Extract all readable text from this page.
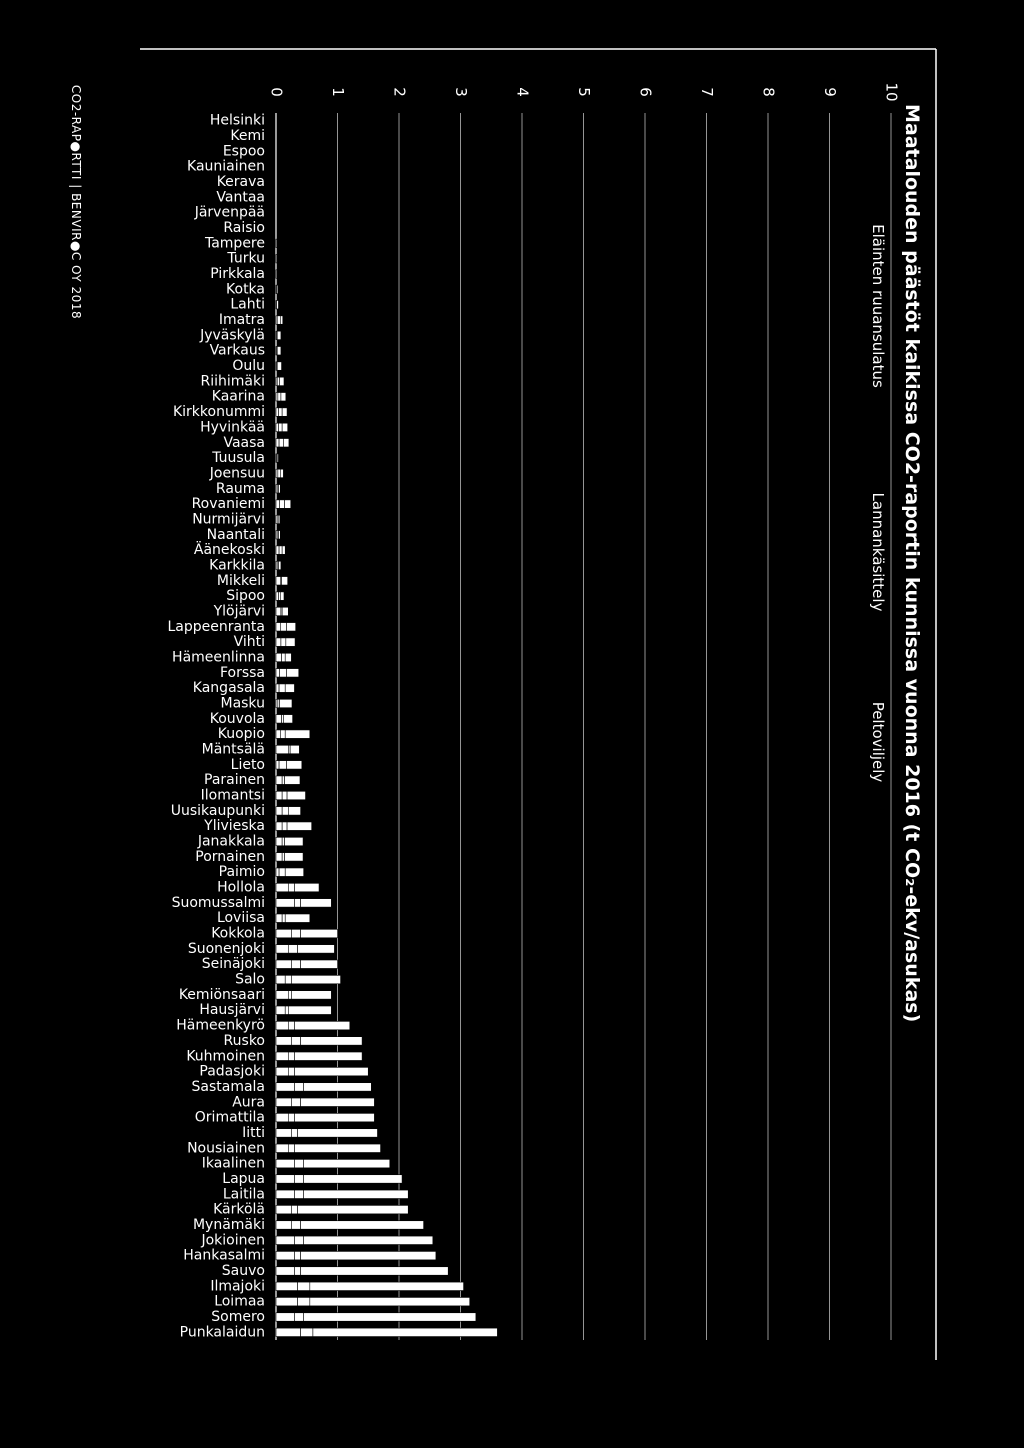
CO2-RAP●RTTI | BENVIR●C OY 2018	Maatalouden päästöt kaikissa CO2-raportin kunnissa vuonna 2016 (t CO₂-ekv/asukas)
Eläinten ruuansulatus
Lannankäsittely
Peltoviljely
0	1	2	3	4	5	6	7	8	9	10
Helsinki
Kemi
Espoo
Kauniainen
Kerava
Vantaa
Järvenpää
Raisio
Tampere
Turku
Pirkkala
Kotka
Lahti
Imatra
Jyväskylä
Varkaus
Oulu
Riihimäki
Kaarina
Kirkkonummi
Hyvinkää
Vaasa
Tuusula
Joensuu
Rauma
Rovaniemi
Nurmijärvi
Naantali
Äänekoski
Karkkila
Mikkeli
Sipoo
Ylöjärvi
Lappeenranta
Vihti
Hämeenlinna
Forssa
Kangasala
Masku
Kouvola
Kuopio
Mäntsälä
Lieto
Parainen
Ilomantsi
Uusikaupunki
Ylivieska
Janakkala
Pornainen
Paimio
Hollola
Suomussalmi
Loviisa
Kokkola
Suonenjoki
Seinäjoki
Salo
Kemiönsaari
Hausjärvi
Hämeenkyrö
Rusko
Kuhmoinen
Padasjoki
Sastamala
Aura
Orimattila
Iitti
Nousiainen
Ikaalinen
Lapua
Laitila
Kärkölä
Mynämäki
Jokioinen
Hankasalmi
Sauvo
Ilmajoki
Loimaa
Somero
Punkalaidun
